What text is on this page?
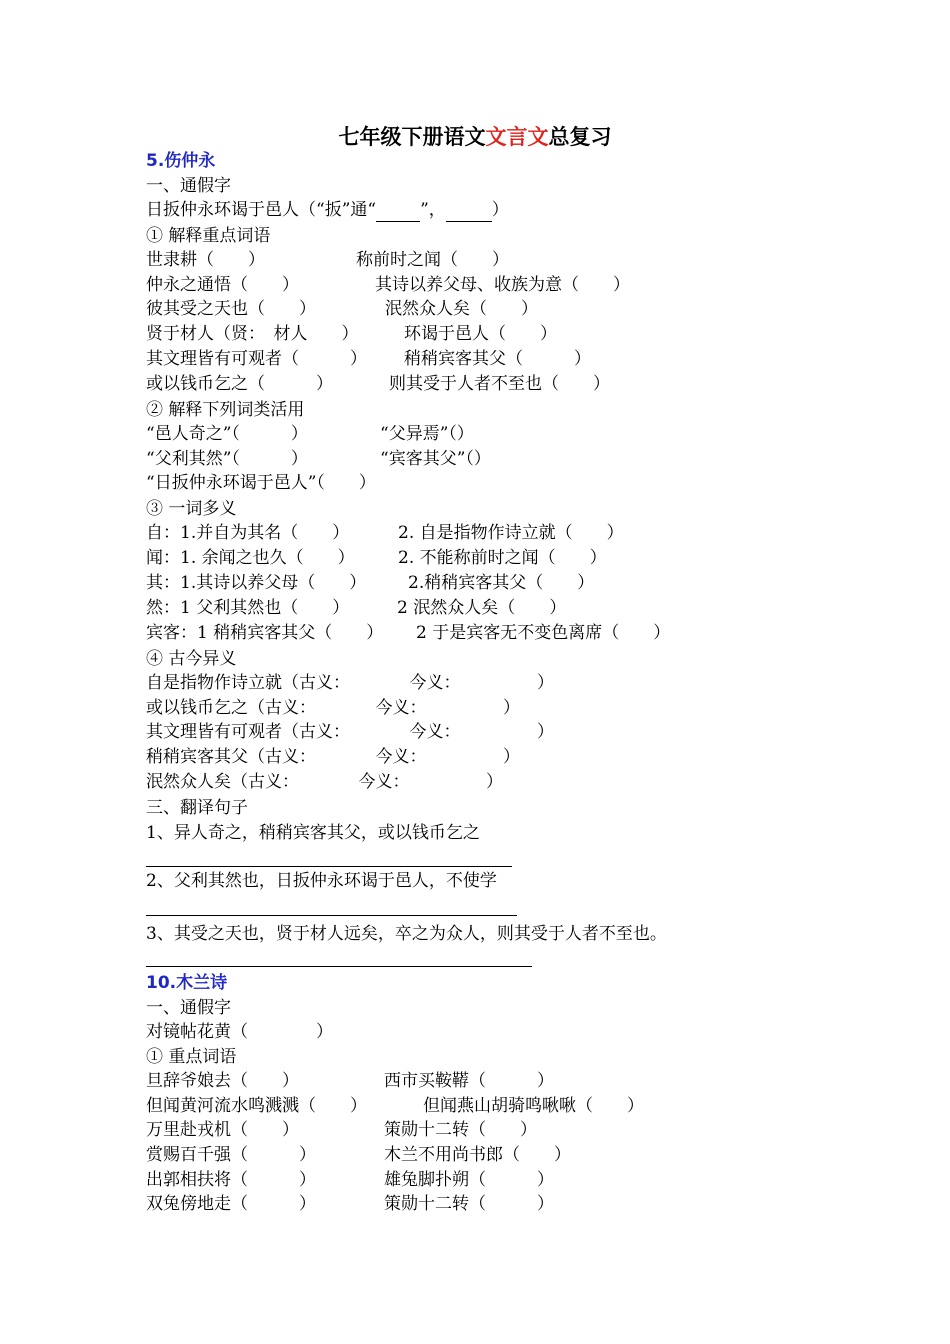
七年级下册语文文言文总复习
5.伤仲永
一、通假字
日扳仲永环谒于邑人（“扳”通“	”，	）
① 解释重点词语
世隶耕（　　）
仲永之通悟（　　）
彼其受之天也（　　）
贤于材人（贤：　材人　　）
其文理皆有可观者（　　　）
或以钱币乞之（　　　）
称前时之闻（　　）
其诗以养父母、收族为意（　　）
泯然众人矣（　　）
环谒于邑人（　　）
稍稍宾客其父（　　　）
则其受于人者不至也（　　）
② 解释下列词类活用
“邑人奇之”（　　　）
“父利其然”（　　　）
“日扳仲永环谒于邑人”（　　）
“父异焉”（）
“宾客其父”（）
③ 一词多义
自：1.并自为其名（　　）
闻：1. 余闻之也久（　　）
其：1.其诗以养父母（　　）
然：1 父利其然也（　　）
宾客：1 稍稍宾客其父（　　）
2. 自是指物作诗立就（　　）
2. 不能称前时之闻（　　）
2.稍稍宾客其父（　　）
2 泯然众人矣（　　）
2 于是宾客无不变色离席（　　）
④ 古今异义
自是指物作诗立就（古义：　　　　今义：　　　　　）
或以钱币乞之（古义：　　　　今义：　　　　　）
其文理皆有可观者（古义：　　　　今义：　　　　　）
稍稍宾客其父（古义：　　　　今义：　　　　　）
泯然众人矣（古义：　　　　今义：　　　　　）
三、翻译句子
1、异人奇之，稍稍宾客其父，或以钱币乞之
2、父利其然也，日扳仲永环谒于邑人，不使学
3、其受之天也，贤于材人远矣，卒之为众人，则其受于人者不至也。
10.木兰诗
一、通假字
对镜帖花黄（　　　　）
① 重点词语
旦辞爷娘去（　　）
但闻黄河流水鸣溅溅（　　）
万里赴戎机（　　）
赏赐百千强（　　　）
出郭相扶将（　　　）
双兔傍地走（　　　）
西市买鞍鞯（　　　）
但闻燕山胡骑鸣啾啾（　　）
策勋十二转（　　）
木兰不用尚书郎（　　）
雄兔脚扑朔（　　　）
策勋十二转（　　　）
